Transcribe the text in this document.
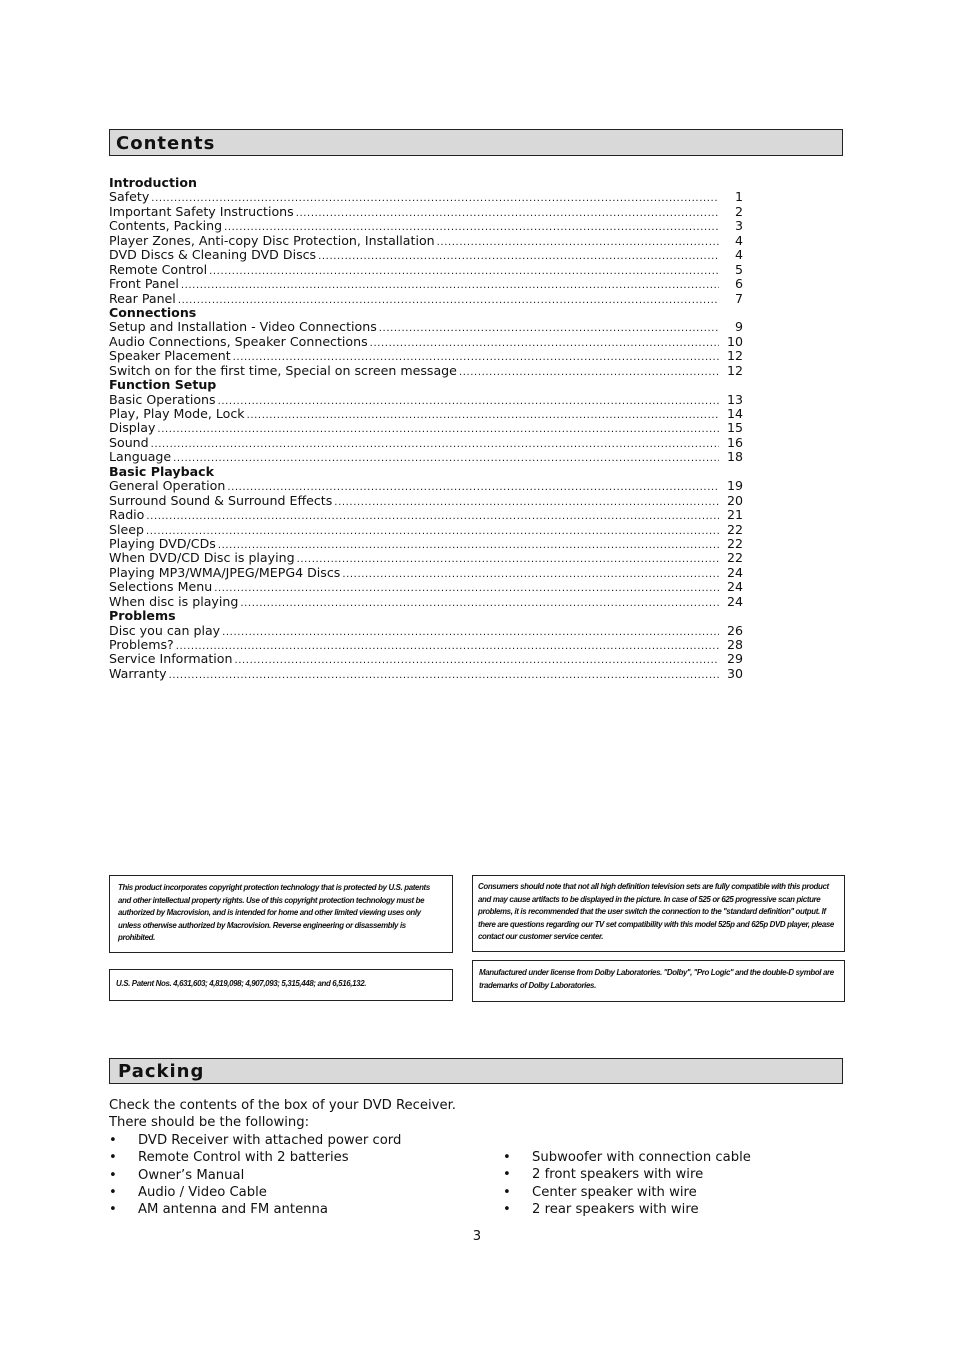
Contents
Introduction
Safety .....	1
Important Safety Instructions .....	2
Contents, Packing .....	3
Player Zones, Anti-copy Disc Protection, Installation .....	4
DVD Discs & Cleaning DVD Discs .....	4
Remote Control .....	5
Front Panel .....	6
Rear Panel .....	7
Connections
Setup and Installation - Video Connections .....	9
Audio Connections, Speaker Connections .....	10
Speaker Placement .....	12
Switch on for the first time, Special on screen message .....	12
Function Setup
Basic Operations .....	13
Play, Play Mode, Lock .....	14
Display .....	15
Sound .....	16
Language .....	18
Basic Playback
General Operation .....	19
Surround Sound & Surround Effects .....	20
Radio .....	21
Sleep .....	22
Playing DVD/CDs .....	22
When DVD/CD Disc is playing .....	22
Playing MP3/WMA/JPEG/MEPG4 Discs .....	24
Selections Menu .....	24
When disc is playing .....	24
Problems
Disc you can play .....	26
Problems? .....	28
Service Information .....	29
Warranty .....	30
This product incorporates copyright protection technology that is protected by U.S. patents and other intellectual property rights. Use of this copyright protection technology must be authorized by Macrovision, and is intended for home and other limited viewing uses only unless otherwise authorized by Macrovision. Reverse engineering or disassembly is prohibited.
U.S. Patent Nos. 4,631,603; 4,819,098; 4,907,093; 5,315,448; and 6,516,132.
Consumers should note that not all high definition television sets are fully compatible with this product and may cause artifacts to be displayed in the picture. In case of 525 or 625 progressive scan picture problems, it is recommended that the user switch the connection to the ''standard definition'' output. If there are questions regarding our TV set compatibility with this model 525p and 625p DVD player, please contact our customer service center.
Manufactured under license from Dolby Laboratories. ''Dolby'', ''Pro Logic'' and the double-D symbol are trademarks of Dolby Laboratories.
Packing
Check the contents of the box of your DVD Receiver.
There should be the following:
• DVD Receiver with attached power cord
• Remote Control with 2 batteries
• Owner’s Manual
• Audio / Video Cable
• AM antenna and FM antenna
• Subwoofer with connection cable
• 2 front speakers with wire
• Center speaker with wire
• 2 rear speakers with wire
3
